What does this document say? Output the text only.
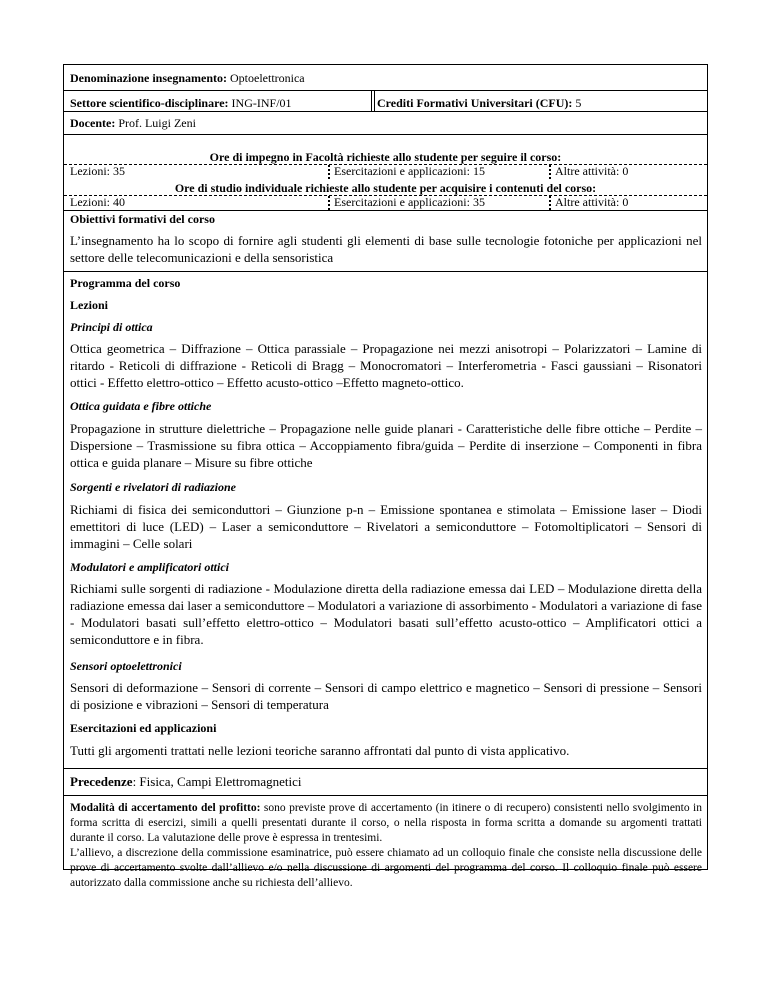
Denominazione insegnamento: Optoelettronica
Settore scientifico-disciplinare: ING-INF/01	Crediti Formativi Universitari (CFU): 5
Docente: Prof. Luigi Zeni
Ore di impegno in Facoltà richieste allo studente per seguire il corso:
Lezioni: 35	Esercitazioni e applicazioni: 15	Altre attività: 0
Ore di studio individuale richieste allo studente per acquisire i contenuti del corso:
Lezioni: 40	Esercitazioni e applicazioni: 35	Altre attività: 0
Obiettivi formativi del corso
L’insegnamento ha lo scopo di fornire agli studenti gli elementi di base sulle tecnologie fotoniche per applicazioni nel settore delle telecomunicazioni e della sensoristica
Programma del corso
Lezioni
Principi di ottica
Ottica geometrica – Diffrazione – Ottica parassiale – Propagazione nei mezzi anisotropi – Polarizzatori – Lamine di ritardo - Reticoli di diffrazione - Reticoli di Bragg – Monocromatori – Interferometria - Fasci gaussiani – Risonatori ottici - Effetto elettro-ottico – Effetto acusto-ottico –Effetto magneto-ottico.
Ottica guidata e fibre ottiche
Propagazione in strutture dielettriche – Propagazione nelle guide planari - Caratteristiche delle fibre ottiche – Perdite – Dispersione – Trasmissione su fibra ottica – Accoppiamento fibra/guida – Perdite di inserzione – Componenti in fibra ottica e guida planare – Misure su fibre ottiche
Sorgenti e rivelatori di radiazione
Richiami di fisica dei semiconduttori – Giunzione p-n – Emissione spontanea e stimolata – Emissione laser – Diodi emettitori di luce (LED) – Laser a semiconduttore – Rivelatori a semiconduttore – Fotomoltiplicatori – Sensori di immagini – Celle solari
Modulatori e amplificatori ottici
Richiami sulle sorgenti di radiazione - Modulazione diretta della radiazione emessa dai LED – Modulazione diretta della radiazione emessa dai laser a semiconduttore – Modulatori a variazione di assorbimento - Modulatori a variazione di fase - Modulatori basati sull’effetto elettro-ottico – Modulatori basati sull’effetto acusto-ottico – Amplificatori ottici a semiconduttore e in fibra.
Sensori optoelettronici
Sensori di deformazione – Sensori di corrente – Sensori di campo elettrico e magnetico – Sensori di pressione – Sensori di posizione e vibrazioni – Sensori di temperatura
Esercitazioni ed applicazioni
Tutti gli argomenti trattati nelle lezioni teoriche saranno affrontati dal punto di vista applicativo.
Precedenze: Fisica, Campi Elettromagnetici
Modalità di accertamento del profitto: sono previste prove di accertamento (in itinere o di recupero) consistenti nello svolgimento in forma scritta di esercizi, simili a quelli presentati durante il corso, o nella risposta in forma scritta a domande su argomenti trattati durante il corso. La valutazione delle prove è espressa in trentesimi.
L’allievo, a discrezione della commissione esaminatrice, può essere chiamato ad un colloquio finale che consiste nella discussione delle prove di accertamento svolte dall’allievo e/o nella discussione di argomenti del programma del corso. Il colloquio finale può essere autorizzato dalla commissione anche su richiesta dell’allievo.
